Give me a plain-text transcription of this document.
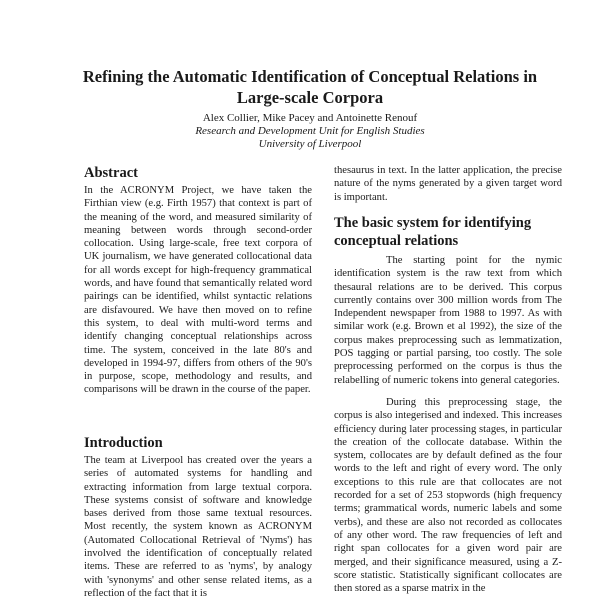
Refining the Automatic Identification of Conceptual Relations in
Large-scale Corpora
Alex Collier, Mike Pacey and Antoinette Renouf
Research and Development Unit for English Studies
University of Liverpool
Abstract

In the ACRONYM Project, we have taken the Firthian view (e.g. Firth 1957) that context is part of the meaning of the word, and measured similarity of meaning between words through second-order collocation. Using large-scale, free text corpora of UK journalism, we have generated collocational data for all words except for high-frequency grammatical words, and have found that semantically related word pairings can be identified, whilst syntactic relations are disfavoured. We have then moved on to refine this system, to deal with multi-word terms and identify changing conceptual relationships across time. The system, conceived in the late 80's and developed in 1994-97, differs from others of the 90's in purpose, scope, methodology and results, and comparisons will be drawn in the course of the paper.

Introduction

The team at Liverpool has created over the years a series of automated systems for handling and extracting information from large textual corpora. These systems consist of software and knowledge bases derived from those same textual resources. Most recently, the system known as ACRONYM (Automated Collocational Retrieval of 'Nyms') has involved the identification of conceptually related items. These are referred to as 'nyms', by analogy with 'synonyms' and other sense related items, as a reflection of the fact that it is

thesaurus in text. In the latter application, the precise nature of the nyms generated by a given target word is important.

The basic system for identifying
conceptual relations

The starting point for the nymic identification system is the raw text from which thesaural relations are to be derived. This corpus currently contains over 300 million words from The Independent newspaper from 1988 to 1997. As with similar work (e.g. Brown et al 1992), the size of the corpus makes preprocessing such as lemmatization, POS tagging or partial parsing, too costly. The sole preprocessing performed on the corpus is thus the relabelling of numeric tokens into general categories.

During this preprocessing stage, the corpus is also integerised and indexed. This increases efficiency during later processing stages, in particular the creation of the collocate database. Within the system, collocates are by default defined as the four words to the left and right of every word. The only exceptions to this rule are that collocates are not recorded for a set of 253 stopwords (high frequency terms; grammatical words, numeric labels and some verbs), and these are also not recorded as collocates of any other word. The raw frequencies of left and right span collocates for a given word pair are merged, and their significance measured, using a Z-score statistic. Statistically significant collocates are then stored as a sparse matrix in the
